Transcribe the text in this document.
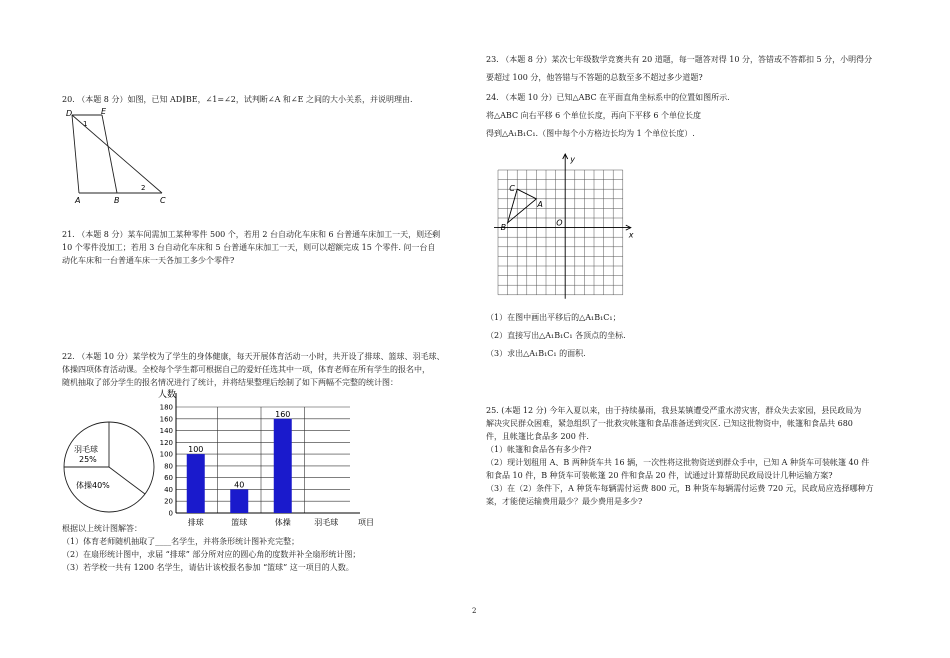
20. （本题 8 分）如图，已知 AD∥BE，∠1=∠2，试判断∠A 和∠E 之间的大小关系，并说明理由.
D	E
A	B	C
1
2
21. （本题 8 分）某车间需加工某种零件 500 个，若用 2 台自动化车床和 6 台普通车床加工一天，则还剩
10 个零件没加工；若用 3 台自动化车床和 5 台普通车床加工一天，则可以超额完成 15 个零件. 问一台自
动化车床和一台普通车床一天各加工多少个零件?
22. （本题 10 分）某学校为了学生的身体健康，每天开展体育活动一小时，共开设了排球、篮球、羽毛球、
体操四项体育活动课。全校每个学生都可根据自己的爱好任选其中一项，体育老师在所有学生的报名中，
随机抽取了部分学生的报名情况进行了统计，并将结果整理后绘制了如下两幅不完整的统计图：
羽毛球
25%
体操40%
0
20
40
60
80
100
120
140
160
180
人数
项目
100
排球
40
篮球
160
体操	羽毛球
根据以上统计图解答：
（1）体育老师随机抽取了____名学生，并将条形统计图补充完整；
（2）在扇形统计图中，求届 “排球” 部分所对应的圆心角的度数并补全扇形统计图；
（3）若学校一共有 1200 名学生，请估计该校报名参加 “篮球” 这一项目的人数。
23. （本题 8 分）某次七年级数学竞赛共有 20 道题，每一题答对得 10 分，答错或不答都扣 5 分，小明得分
要超过 100 分，他答错与不答题的总数至多不超过多少道题?
24. （本题 10 分）已知△ABC 在平面直角坐标系中的位置如图所示.
将△ABC 向右平移 6 个单位长度，再向下平移 6 个单位长度
得到△A₁B₁C₁.（图中每个小方格边长均为 1 个单位长度）.
y
x
O
C
A
B
（1）在图中画出平移后的△A₁B₁C₁；
（2）直接写出△A₁B₁C₁ 各顶点的坐标.
（3）求出△A₁B₁C₁ 的面积.
25. (本题 12 分) 今年入夏以来，由于持续暴雨，我县某镇遭受严重水涝灾害，群众失去家园，县民政局为
解决灾民群众困难，紧急组织了一批救灾帐篷和食品准备送到灾区. 已知这批物资中，帐篷和食品共 680
件，且帐篷比食品多 200 件.
（1）帐篷和食品各有多少件?
（2）现计划租用 A、B 两种货车共 16 辆，一次性将这批物资送到群众手中，已知 A 种货车可装帐篷 40 件
和食品 10 件，B 种货车可装帐篷 20 件和食品 20 件，试通过计算帮助民政局设计几种运输方案?
（3）在（2）条件下，A 种货车每辆需付运费 800 元，B 种货车每辆需付运费 720 元，民政局应选择哪种方
案，才能使运输费用最少？最少费用是多少?
2
